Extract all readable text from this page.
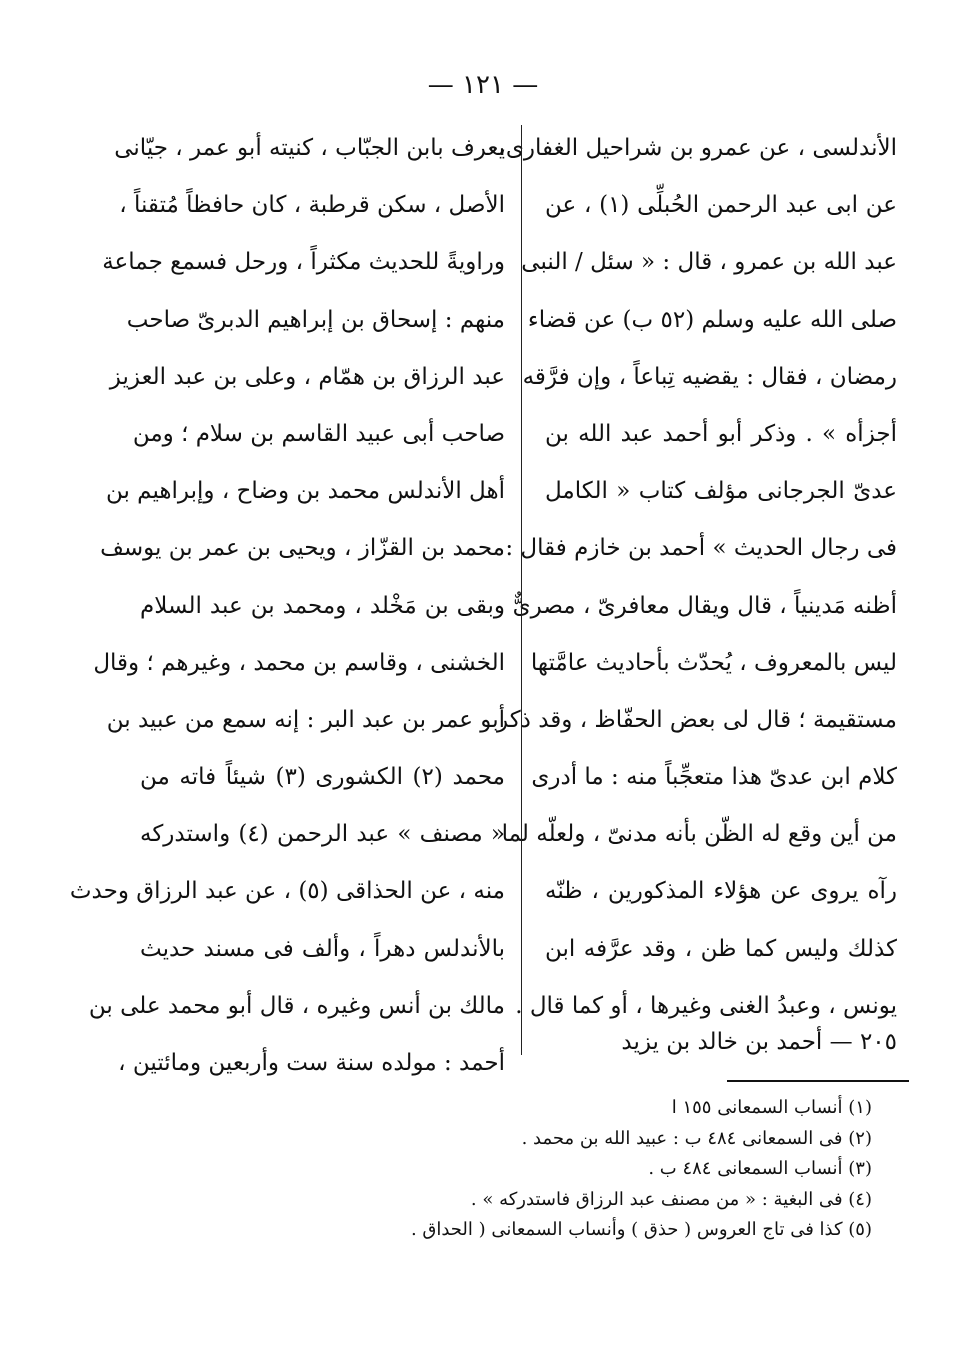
— ١٢١ —
الأندلسى ، عن عمرو بن شراحيل الغفارى،
عن ابى عبد الرحمن الحُبلِّى (١) ، عن
عبد الله بن عمرو ، قال : « سئل / النبى
صلى الله عليه وسلم (٥٢ ب) عن قضاء
رمضان ، فقال : يقضيه تِباعاً ، وإن فرَّقه
أجزأه » . وذكر أبو أحمد عبد الله بن
عدىّ الجرجانى مؤلف كتاب « الكامل
فى رجال الحديث » أحمد بن خازم فقال :
أظنه مَدينياً ، قال ويقال معافرىّ ، مصرىٌّ
ليس بالمعروف ، يُحدّث بأحاديث عامَّتها
مستقيمة ؛ قال لى بعض الحفّاظ ، وقد ذكر
كلام ابن عدىّ هذا متعجِّباً منه : ما أدرى
من أين وقع له الظّن بأنه مدنىّ ، ولعلّه لما
رآه يروى عن هؤلاء المذكورين ، ظنّه
كذلك وليس كما ظن ، وقد عرَّفه ابن
يونس ، وعبدُ الغنى وغيرها ، أو كما قال .
٢٠٥ — أحمد بن خالد بن يزيد
يعرف بابن الجبّاب ، كنيته أبو عمر ، جيّانى
الأصل ، سكن قرطبة ، كان حافظاً مُتقناً ،
وراويةً للحديث مكثراً ، ورحل فسمع جماعة
منهم : إسحاق بن إبراهيم الدبرىّ صاحب
عبد الرزاق بن همّام ، وعلى بن عبد العزيز
صاحب أبى عبيد القاسم بن سلام ؛ ومن
أهل الأندلس محمد بن وضاح ، وإبراهيم بن
محمد بن القزّاز ، ويحيى بن عمر بن يوسف
وبقى بن مَخْلد ، ومحمد بن عبد السلام
الخشنى ، وقاسم بن محمد ، وغيرهم ؛ وقال
أبو عمر بن عبد البر : إنه سمع من عبيد بن
محمد (٢) الكشورى (٣) شيئاً فاته من
« مصنف » عبد الرحمن (٤) واستدركه
منه ، عن الحذاقى (٥) ، عن عبد الرزاق وحدث
بالأندلس دهراً ، وألف فى مسند حديث
مالك بن أنس وغيره ، قال أبو محمد على بن
أحمد : مولده سنة ست وأربعين ومائتين ،
(١) أنساب السمعانى ١٥٥ ا
(٢) فى السمعانى ٤٨٤ ب : عبيد الله بن محمد .
(٣) أنساب السمعانى ٤٨٤ ب .
(٤) فى البغية : « من مصنف عبد الرزاق فاستدركه » .
(٥) كذا فى تاج العروس ( حذق ) وأنساب السمعانى ( الحداق .
